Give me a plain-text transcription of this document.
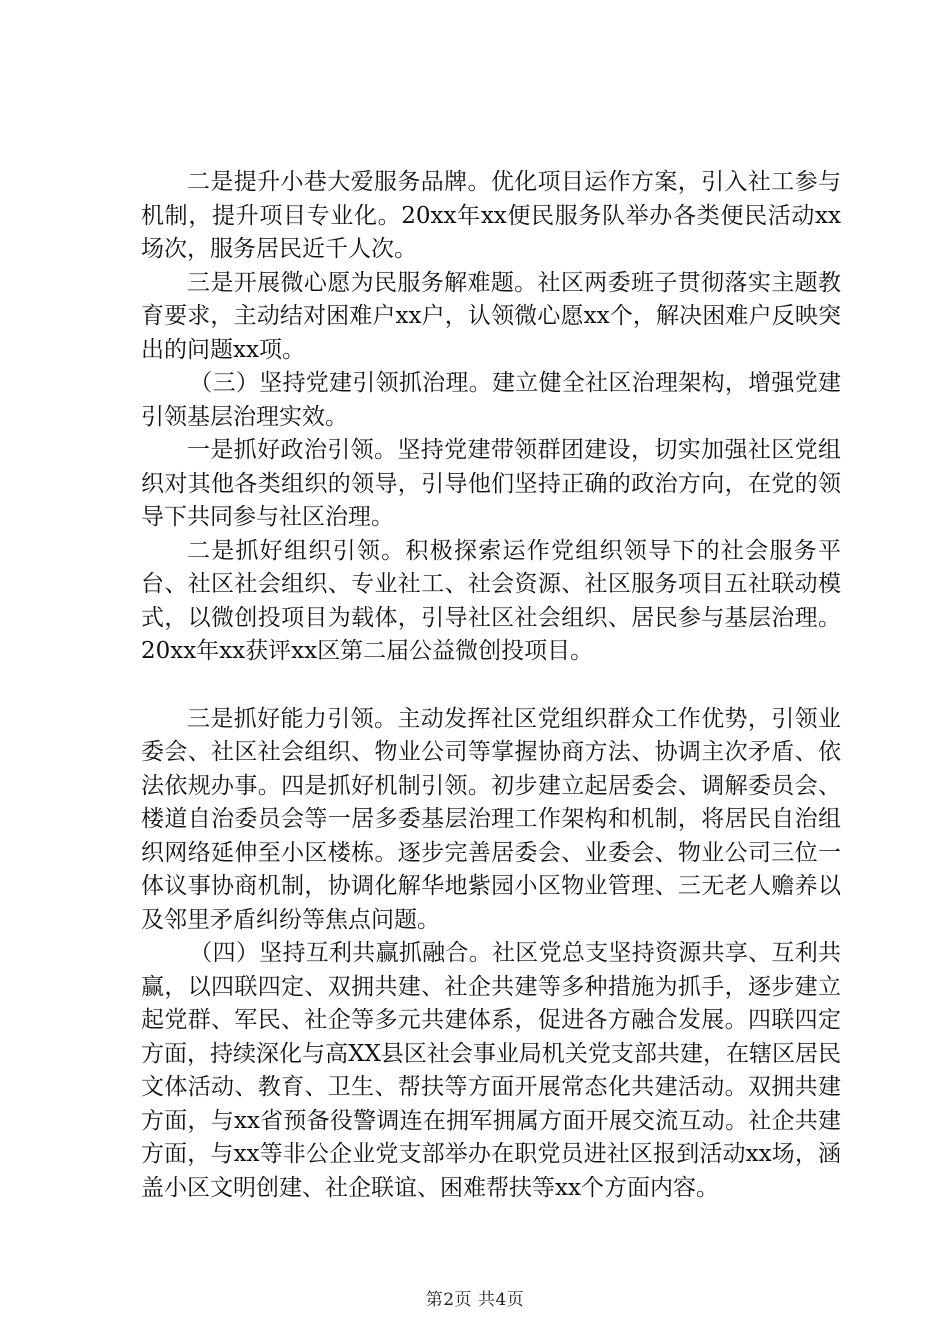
二是提升小巷大爱服务品牌。优化项目运作方案，引入社工参与机制，提升项目专业化。20xx年xx便民服务队举办各类便民活动xx场次，服务居民近千人次。

三是开展微心愿为民服务解难题。社区两委班子贯彻落实主题教育要求，主动结对困难户xx户，认领微心愿xx个，解决困难户反映突出的问题xx项。

（三）坚持党建引领抓治理。建立健全社区治理架构，增强党建引领基层治理实效。

一是抓好政治引领。坚持党建带领群团建设，切实加强社区党组织对其他各类组织的领导，引导他们坚持正确的政治方向，在党的领导下共同参与社区治理。

二是抓好组织引领。积极探索运作党组织领导下的社会服务平台、社区社会组织、专业社工、社会资源、社区服务项目五社联动模式，以微创投项目为载体，引导社区社会组织、居民参与基层治理。20xx年xx获评xx区第二届公益微创投项目。

三是抓好能力引领。主动发挥社区党组织群众工作优势，引领业委会、社区社会组织、物业公司等掌握协商方法、协调主次矛盾、依法依规办事。四是抓好机制引领。初步建立起居委会、调解委员会、楼道自治委员会等一居多委基层治理工作架构和机制，将居民自治组织网络延伸至小区楼栋。逐步完善居委会、业委会、物业公司三位一体议事协商机制，协调化解华地紫园小区物业管理、三无老人赡养以及邻里矛盾纠纷等焦点问题。

（四）坚持互利共赢抓融合。社区党总支坚持资源共享、互利共赢，以四联四定、双拥共建、社企共建等多种措施为抓手，逐步建立起党群、军民、社企等多元共建体系，促进各方融合发展。四联四定方面，持续深化与高XX县区社会事业局机关党支部共建，在辖区居民文体活动、教育、卫生、帮扶等方面开展常态化共建活动。双拥共建方面，与xx省预备役警调连在拥军拥属方面开展交流互动。社企共建方面，与xx等非公企业党支部举办在职党员进社区报到活动xx场，涵盖小区文明创建、社企联谊、困难帮扶等xx个方面内容。

第2页 共4页
